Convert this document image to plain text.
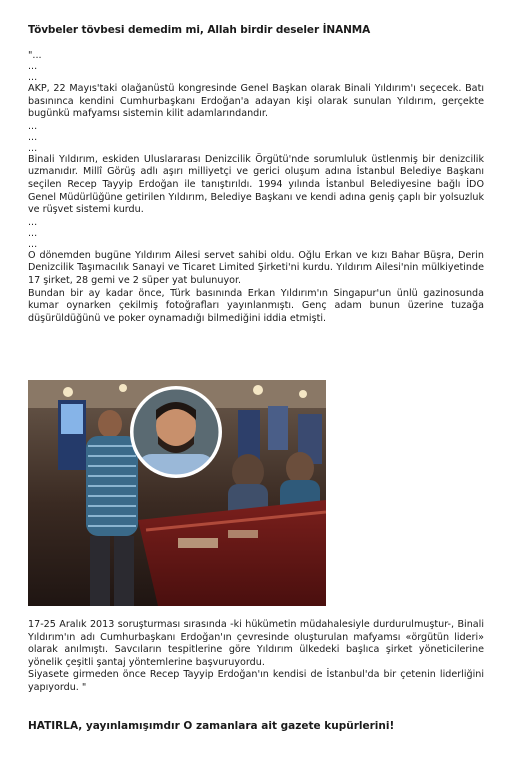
Tövbeler tövbesi demedim mi, Allah birdir deseler İNANMA

"...

...

...

AKP, 22 Mayıs'taki olağanüstü kongresinde Genel Başkan olarak Binali Yıldırım'ı seçecek. Batı basınınca kendini Cumhurbaşkanı Erdoğan'a adayan kişi olarak sunulan Yıldırım, gerçekte bugünkü mafyamsı sistemin kilit adamlarındandır.

...

...

...

Binali Yıldırım, eskiden Uluslararası Denizcilik Örgütü'nde sorumluluk üstlenmiş bir denizcilik uzmanıdır. Millî Görüş adlı aşırı milliyetçi ve gerici oluşum adına İstanbul Belediye Başkanı seçilen Recep Tayyip Erdoğan ile tanıştırıldı. 1994 yılında İstanbul Belediyesine bağlı İDO Genel Müdürlüğüne getirilen Yıldırım, Belediye Başkanı ve kendi adına geniş çaplı bir yolsuzluk ve rüşvet sistemi kurdu.

...

...

...

O dönemden bugüne Yıldırım Ailesi servet sahibi oldu. Oğlu Erkan ve kızı Bahar Büşra, Derin Denizcilik Taşımacılık Sanayi ve Ticaret Limited Şirketi'ni kurdu. Yıldırım Ailesi'nin mülkiyetinde 17 şirket, 28 gemi ve 2 süper yat bulunuyor.

Bundan bir ay kadar önce, Türk basınında Erkan Yıldırım'ın Singapur'un ünlü gazinosunda kumar oynarken çekilmiş fotoğrafları yayınlanmıştı. Genç adam bunun üzerine tuzağa düşürüldüğünü ve poker oynamadığı bilmediğini iddia etmişti.

17-25 Aralık 2013 soruşturması sırasında -ki hükümetin müdahalesiyle durdurulmuştur-, Binali Yıldırım'ın adı Cumhurbaşkanı Erdoğan'ın çevresinde oluşturulan mafyamsı «örgütün lideri» olarak anılmıştı. Savcıların tespitlerine göre Yıldırım ülkedeki başlıca şirket yöneticilerine yönelik çeşitli şantaj yöntemlerine başvuruyordu.

Siyasete girmeden önce Recep Tayyip Erdoğan'ın kendisi de İstanbul'da bir çetenin liderliğini yapıyordu. "

HATIRLA, yayınlamışımdır O zamanlara ait gazete kupürlerini!
